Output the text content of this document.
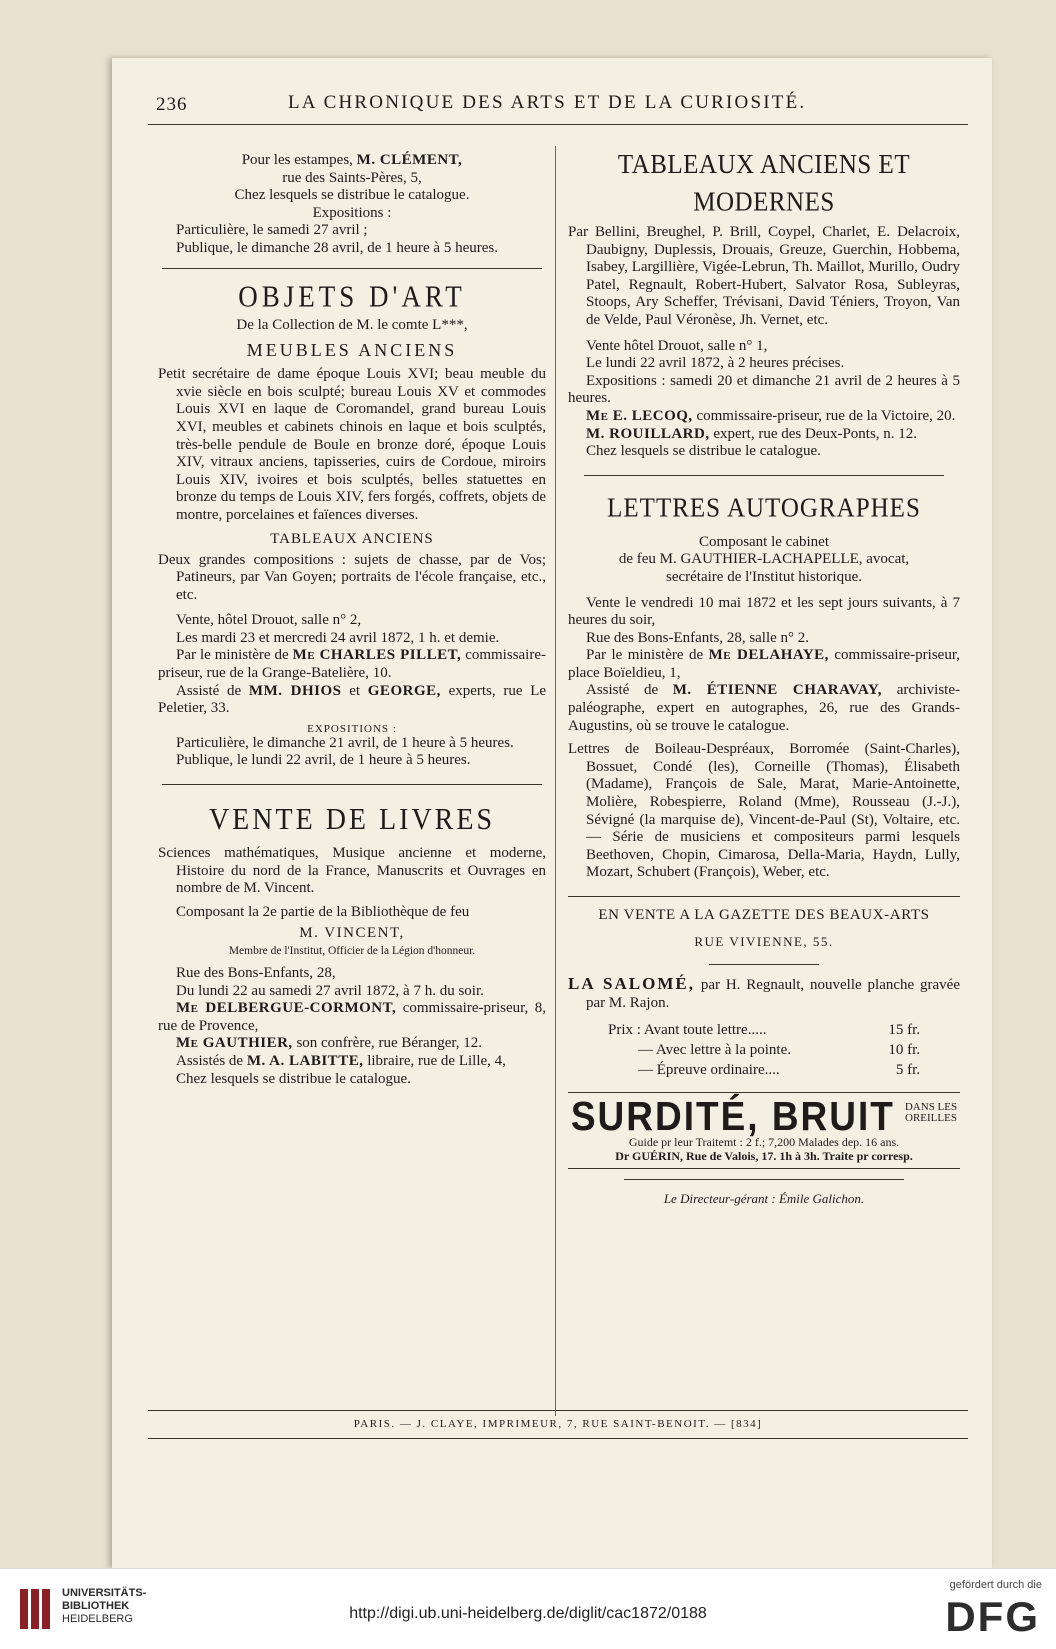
236	LA CHRONIQUE DES ARTS ET DE LA CURIOSITÉ.
Pour les estampes, M. CLÉMENT,
rue des Saints-Pères, 5,
Chez lesquels se distribue le catalogue.
Expositions :
Particulière, le samedi 27 avril ;
Publique, le dimanche 28 avril, de 1 heure à 5 heures.
OBJETS D'ART
De la Collection de M. le comte L***,
MEUBLES ANCIENS
Petit secrétaire de dame époque Louis XVI; beau meuble du xvie siècle en bois sculpté; bureau Louis XV et commodes Louis XVI en laque de Coromandel, grand bureau Louis XVI, meubles et cabinets chinois en laque et bois sculptés, très-belle pendule de Boule en bronze doré, époque Louis XIV, vitraux anciens, tapisseries, cuirs de Cordoue, miroirs Louis XIV, ivoires et bois sculptés, belles statuettes en bronze du temps de Louis XIV, fers forgés, coffrets, objets de montre, porcelaines et faïences diverses.
TABLEAUX ANCIENS
Deux grandes compositions : sujets de chasse, par de Vos; Patineurs, par Van Goyen; portraits de l'école française, etc., etc.
Vente, hôtel Drouot, salle n° 2,
Les mardi 23 et mercredi 24 avril 1872, 1 h. et demie.
Par le ministère de Me CHARLES PILLET, commissaire-priseur, rue de la Grange-Batelière, 10.
Assisté de MM. DHIOS et GEORGE, experts, rue Le Peletier, 33.
EXPOSITIONS :
Particulière, le dimanche 21 avril, de 1 heure à 5 heures.
Publique, le lundi 22 avril, de 1 heure à 5 heures.
VENTE DE LIVRES
Sciences mathématiques, Musique ancienne et moderne, Histoire du nord de la France, Manuscrits et Ouvrages en nombre de M. Vincent.
Composant la 2e partie de la Bibliothèque de feu
M. VINCENT,
Membre de l'Institut, Officier de la Légion d'honneur.
Rue des Bons-Enfants, 28,
Du lundi 22 au samedi 27 avril 1872, à 7 h. du soir.
Me DELBERGUE-CORMONT, commissaire-priseur, 8, rue de Provence,
Me GAUTHIER, son confrère, rue Béranger, 12.
Assistés de M. A. LABITTE, libraire, rue de Lille, 4,
Chez lesquels se distribue le catalogue.
TABLEAUX ANCIENS ET MODERNES
Par Bellini, Breughel, P. Brill, Coypel, Charlet, E. Delacroix, Daubigny, Duplessis, Drouais, Greuze, Guerchin, Hobbema, Isabey, Largillière, Vigée-Lebrun, Th. Maillot, Murillo, Oudry Patel, Regnault, Robert-Hubert, Salvator Rosa, Subleyras, Stoops, Ary Scheffer, Trévisani, David Téniers, Troyon, Van de Velde, Paul Véronèse, Jh. Vernet, etc.
Vente hôtel Drouot, salle n° 1,
Le lundi 22 avril 1872, à 2 heures précises.
Expositions : samedi 20 et dimanche 21 avril de 2 heures à 5 heures.
Me E. LECOQ, commissaire-priseur, rue de la Victoire, 20.
M. ROUILLARD, expert, rue des Deux-Ponts, n. 12.
Chez lesquels se distribue le catalogue.
LETTRES AUTOGRAPHES
Composant le cabinet
de feu M. GAUTHIER-LACHAPELLE, avocat,
secrétaire de l'Institut historique.
Vente le vendredi 10 mai 1872 et les sept jours suivants, à 7 heures du soir,
Rue des Bons-Enfants, 28, salle n° 2.
Par le ministère de Me DELAHAYE, commissaire-priseur, place Boïeldieu, 1,
Assisté de M. ÉTIENNE CHARAVAY, archiviste-paléographe, expert en autographes, 26, rue des Grands-Augustins, où se trouve le catalogue.
Lettres de Boileau-Despréaux, Borromée (Saint-Charles), Bossuet, Condé (les), Corneille (Thomas), Élisabeth (Madame), François de Sale, Marat, Marie-Antoinette, Molière, Robespierre, Roland (Mme), Rousseau (J.-J.), Sévigné (la marquise de), Vincent-de-Paul (St), Voltaire, etc. — Série de musiciens et compositeurs parmi lesquels Beethoven, Chopin, Cimarosa, Della-Maria, Haydn, Lully, Mozart, Schubert (François), Weber, etc.
EN VENTE A LA GAZETTE DES BEAUX-ARTS
RUE VIVIENNE, 55.
LA SALOMÉ, par H. Regnault, nouvelle planche gravée par M. Rajon.
Prix : Avant toute lettre.....	15 fr.
— Avec lettre à la pointe.	10 fr.
— Épreuve ordinaire....	5 fr.
SURDITÉ, BRUIT DANS LES
OREILLES
Guide pr leur Traitemt : 2 f.; 7,200 Malades dep. 16 ans.
Dr GUÉRIN, Rue de Valois, 17. 1h à 3h. Traite pr corresp.
Le Directeur-gérant : Émile Galichon.
PARIS. — J. CLAYE, IMPRIMEUR, 7, RUE SAINT-BENOIT. — [834]
UNIVERSITÄTS-
BIBLIOTHEK
HEIDELBERG	http://digi.ub.uni-heidelberg.de/diglit/cac1872/0188
gefördert durch die
DFG
